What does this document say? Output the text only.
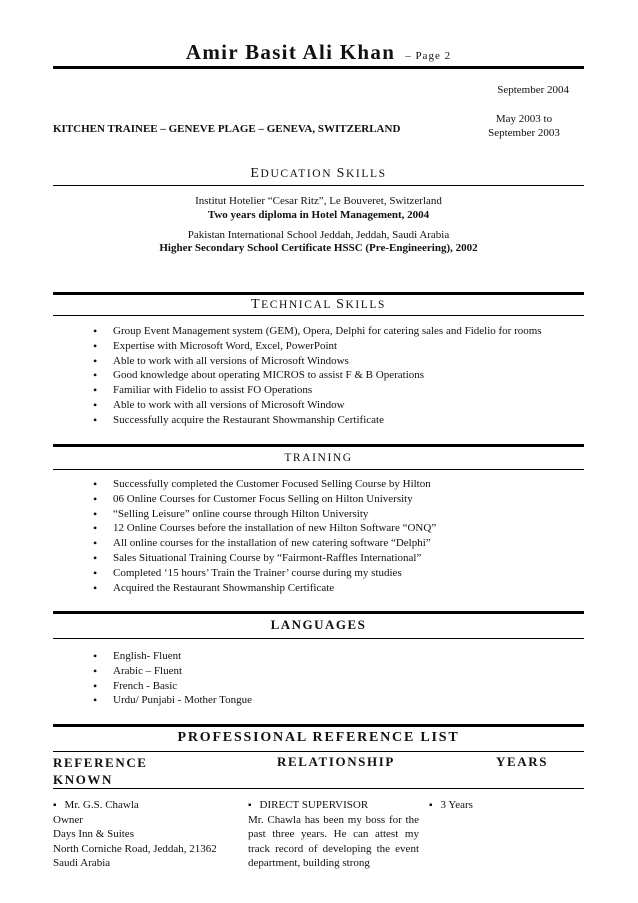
Amir Basit Ali Khan – Page 2
September 2004
KITCHEN TRAINEE – GENEVE PLAGE – GENEVA, SWITZERLAND
May 2003 to
September 2003
EDUCATION SKILLS
Institut Hotelier “Cesar Ritz”, Le Bouveret, Switzerland
Two years diploma in Hotel Management, 2004
Pakistan International School Jeddah, Jeddah, Saudi Arabia
Higher Secondary School Certificate HSSC (Pre-Engineering), 2002
TECHNICAL SKILLS
• Group Event Management system (GEM), Opera, Delphi for catering sales and Fidelio for rooms
• Expertise with Microsoft Word, Excel, PowerPoint
• Able to work with all versions of Microsoft Windows
• Good knowledge about operating MICROS to assist F & B Operations
• Familiar with Fidelio to assist FO Operations
• Able to work with all versions of Microsoft Window
• Successfully acquire the Restaurant Showmanship Certificate
TRAINING
• Successfully completed the Customer Focused Selling Course by Hilton
• 06 Online Courses for Customer Focus Selling on Hilton University
• “Selling Leisure” online course through Hilton University
• 12 Online Courses before the installation of new Hilton Software “ONQ”
• All online courses for the installation of new catering software “Delphi”
• Sales Situational Training Course by “Fairmont-Raffles International”
• Completed ‘15 hours’ Train the Trainer’ course during my studies
• Acquired the Restaurant Showmanship Certificate
LANGUAGES
• English- Fluent
• Arabic – Fluent
• French - Basic
• Urdu/ Punjabi - Mother Tongue
PROFESSIONAL REFERENCE LIST
REFERENCE
KNOWN
RELATIONSHIP	YEARS
▪ Mr. G.S. Chawla
Owner
Days Inn & Suites
North Corniche Road, Jeddah, 21362
Saudi Arabia
▪ DIRECT SUPERVISOR
Mr. Chawla has been my boss for the past three years. He can attest my track record of developing the event department, building strong
▪ 3 Years
